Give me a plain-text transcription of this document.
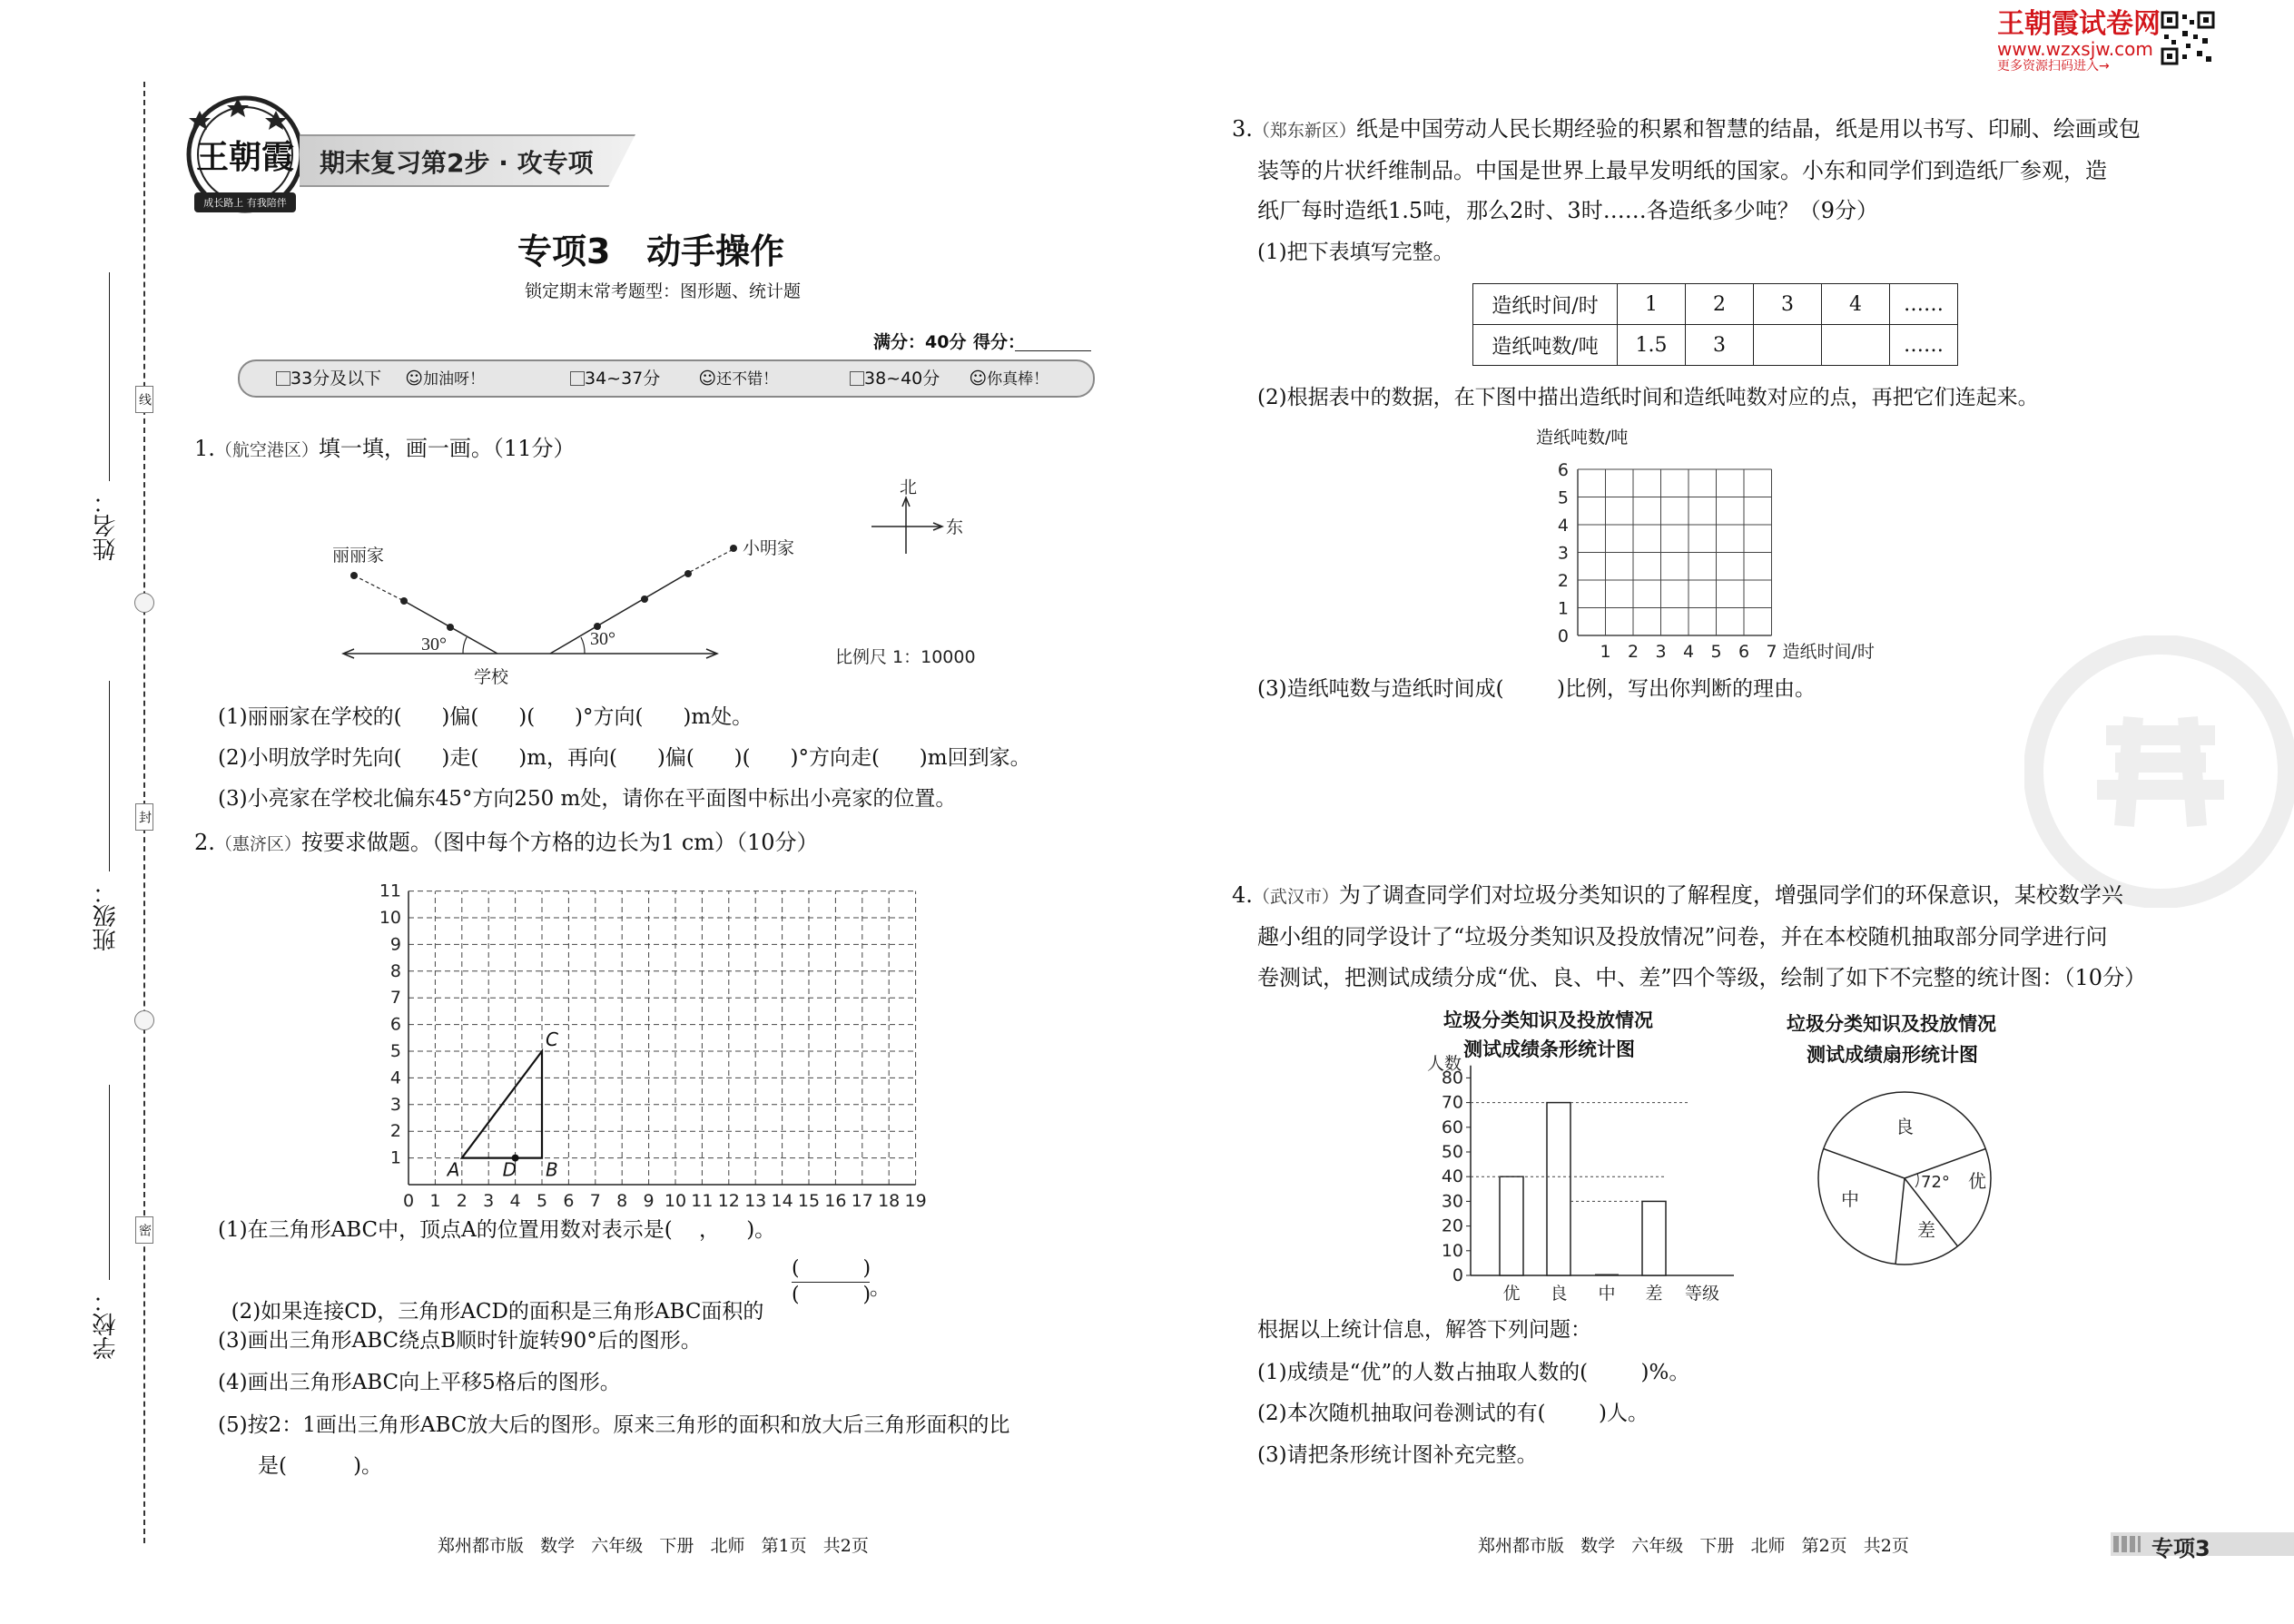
王朝霞试卷网
www.wzxsjw.com
更多资源扫码进入→
线
封
密
姓名：
班级：
学校：
王朝霞
成长路上 有我陪伴
期末复习第2步 · 攻专项
专项3   动手操作
锁定期末常考题型：图形题、统计题
满分：40分 得分：
33分及以下 ☺加油呀！	34~37分 ☺还不错！	38~40分 ☺你真棒！
1.（航空港区）填一填，画一画。（11分）
北
东
30°	30°
丽丽家	小明家
学校
比例尺 1：10000
(1)丽丽家在学校的(      )偏(      )(      )°方向(      )m处。
(2)小明放学时先向(      )走(      )m，再向(      )偏(      )(      )°方向走(      )m回到家。
(3)小亮家在学校北偏东45°方向250 m处，请你在平面图中标出小亮家的位置。
2.（惠济区）按要求做题。（图中每个方格的边长为1 cm）（10分）
0 1 2 3 4 5 6 7 8 9 10 11 12 13 14 15 16 17 18 19
1
2
3
4
5
6
7
8
9
10
11
A D B
C
(1)在三角形ABC中，顶点A的位置用数对表示是(    ，    )。

(2)如果连接CD，三角形ACD的面积是三角形ABC面积的

(          )
(          )
。
(3)画出三角形ABC绕点B顺时针旋转90°后的图形。
(4)画出三角形ABC向上平移5格后的图形。
(5)按2：1画出三角形ABC放大后的图形。原来三角形的面积和放大后三角形面积的比
是(          )。
郑州都市版   数学   六年级   下册   北师   第1页   共2页
3.（郑东新区）纸是中国劳动人民长期经验的积累和智慧的结晶，纸是用以书写、印刷、绘画或包
装等的片状纤维制品。中国是世界上最早发明纸的国家。小东和同学们到造纸厂参观，造
纸厂每时造纸1.5吨，那么2时、3时……各造纸多少吨？（9分）
(1)把下表填写完整。
造纸时间/时	1	2	3	4	……
造纸吨数/吨	1.5	3			……
(2)根据表中的数据，在下图中描出造纸时间和造纸吨数对应的点，再把它们连起来。
造纸吨数/吨
0
1
2
3
4
5
6
1 2 3 4 5 6 7 造纸时间/时
(3)造纸吨数与造纸时间成(        )比例，写出你判断的理由。
4.（武汉市）为了调查同学们对垃圾分类知识的了解程度，增强同学们的环保意识，某校数学兴
趣小组的同学设计了“垃圾分类知识及投放情况”问卷，并在本校随机抽取部分同学进行问
卷测试，把测试成绩分成“优、良、中、差”四个等级，绘制了如下不完整的统计图：（10分）
垃圾分类知识及投放情况
测试成绩条形统计图
0
10
20
30
40
50
60
70
80
人数
优 良 中 差 等级
垃圾分类知识及投放情况
测试成绩扇形统计图
良
优
差
中
72°
根据以上统计信息，解答下列问题：
(1)成绩是“优”的人数占抽取人数的(        )%。
(2)本次随机抽取问卷测试的有(        )人。
(3)请把条形统计图补充完整。
郑州都市版   数学   六年级   下册   北师   第2页   共2页	专项3
